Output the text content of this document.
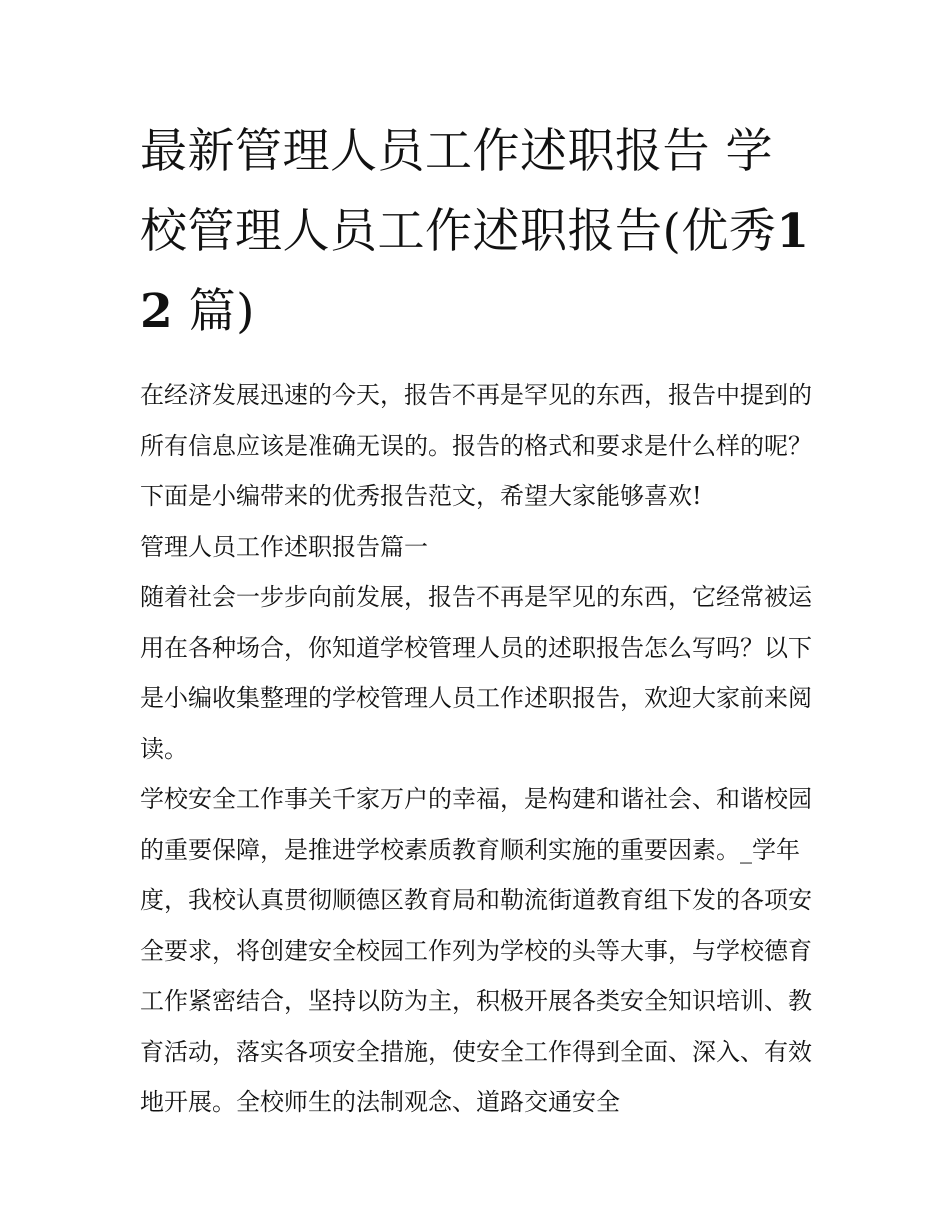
最新管理人员工作述职报告 学校管理人员工作述职报告(优秀12 篇)

在经济发展迅速的今天，报告不再是罕见的东西，报告中提到的所有信息应该是准确无误的。报告的格式和要求是什么样的呢？下面是小编带来的优秀报告范文，希望大家能够喜欢!

管理人员工作述职报告篇一

随着社会一步步向前发展，报告不再是罕见的东西，它经常被运用在各种场合，你知道学校管理人员的述职报告怎么写吗？以下是小编收集整理的学校管理人员工作述职报告，欢迎大家前来阅读。

学校安全工作事关千家万户的幸福，是构建和谐社会、和谐校园的重要保障，是推进学校素质教育顺利实施的重要因素。_学年度，我校认真贯彻顺德区教育局和勒流街道教育组下发的各项安全要求，将创建安全校园工作列为学校的头等大事，与学校德育工作紧密结合，坚持以防为主，积极开展各类安全知识培训、教育活动，落实各项安全措施，使安全工作得到全面、深入、有效地开展。全校师生的法制观念、道路交通安全
